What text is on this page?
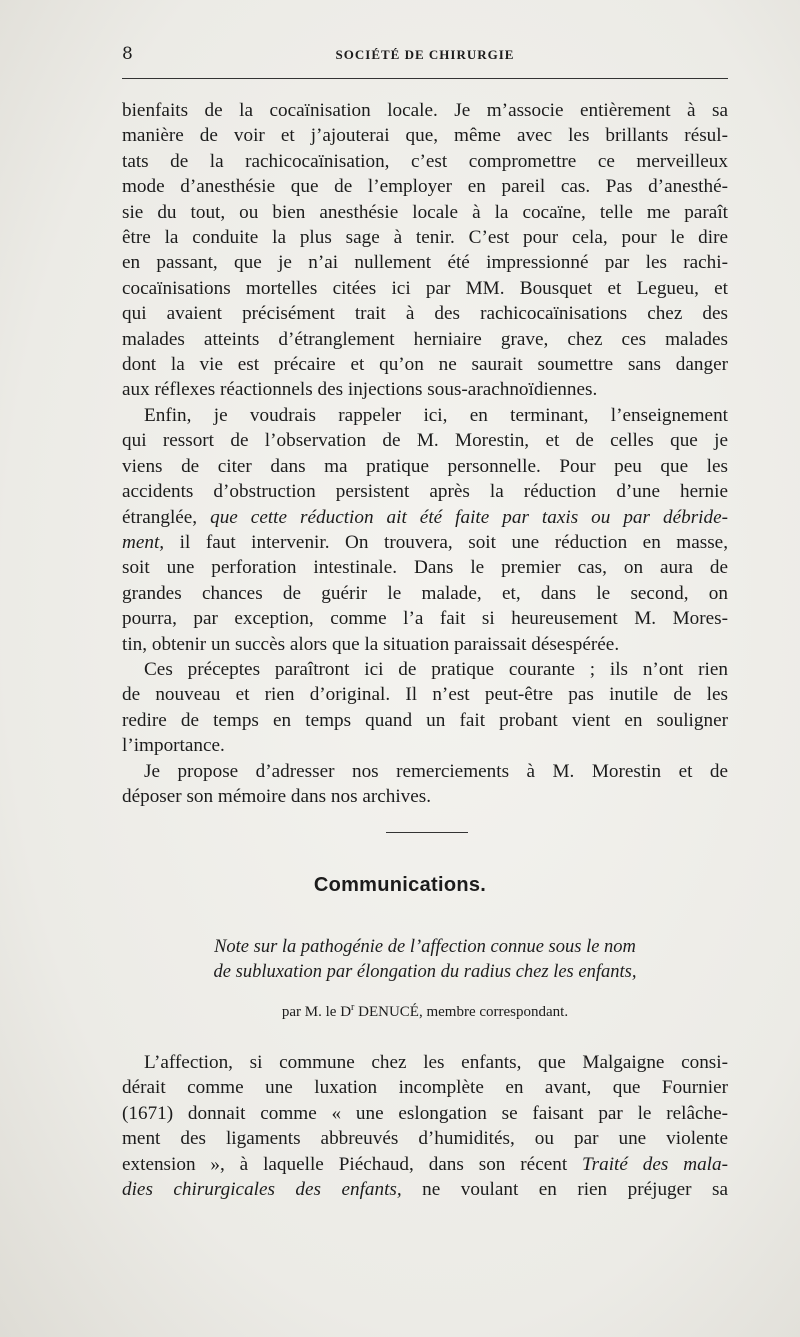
8	SOCIÉTÉ DE CHIRURGIE

bienfaits de la cocaïnisation locale. Je m’associe entièrement à sa
manière de voir et j’ajouterai que, même avec les brillants résul-
tats de la rachicocaïnisation, c’est compromettre ce merveilleux
mode d’anesthésie que de l’employer en pareil cas. Pas d’anesthé-
sie du tout, ou bien anesthésie locale à la cocaïne, telle me paraît
être la conduite la plus sage à tenir. C’est pour cela, pour le dire
en passant, que je n’ai nullement été impressionné par les rachi-
cocaïnisations mortelles citées ici par MM. Bousquet et Legueu, et
qui avaient précisément trait à des rachicocaïnisations chez des
malades atteints d’étranglement herniaire grave, chez ces malades
dont la vie est précaire et qu’on ne saurait soumettre sans danger
aux réflexes réactionnels des injections sous-arachnoïdiennes.

Enfin, je voudrais rappeler ici, en terminant, l’enseignement
qui ressort de l’observation de M. Morestin, et de celles que je
viens de citer dans ma pratique personnelle. Pour peu que les
accidents d’obstruction persistent après la réduction d’une hernie
étranglée, que cette réduction ait été faite par taxis ou par débride-
ment, il faut intervenir. On trouvera, soit une réduction en masse,
soit une perforation intestinale. Dans le premier cas, on aura de
grandes chances de guérir le malade, et, dans le second, on
pourra, par exception, comme l’a fait si heureusement M. Mores-
tin, obtenir un succès alors que la situation paraissait désespérée.

Ces préceptes paraîtront ici de pratique courante ; ils n’ont rien
de nouveau et rien d’original. Il n’est peut-être pas inutile de les
redire de temps en temps quand un fait probant vient en souligner
l’importance.

Je propose d’adresser nos remerciements à M. Morestin et de
déposer son mémoire dans nos archives.

Communications.
Note sur la pathogénie de l’affection connue sous le nom
de subluxation par élongation du radius chez les enfants,
par M. le $D^r$ DENUCÉ, membre correspondant.

L’affection, si commune chez les enfants, que Malgaigne consi-
dérait comme une luxation incomplète en avant, que Fournier
(1671) donnait comme « une eslongation se faisant par le relâche-
ment des ligaments abbreuvés d’humidités, ou par une violente
extension », à laquelle Piéchaud, dans son récent Traité des mala-
dies chirurgicales des enfants, ne voulant en rien préjuger sa
